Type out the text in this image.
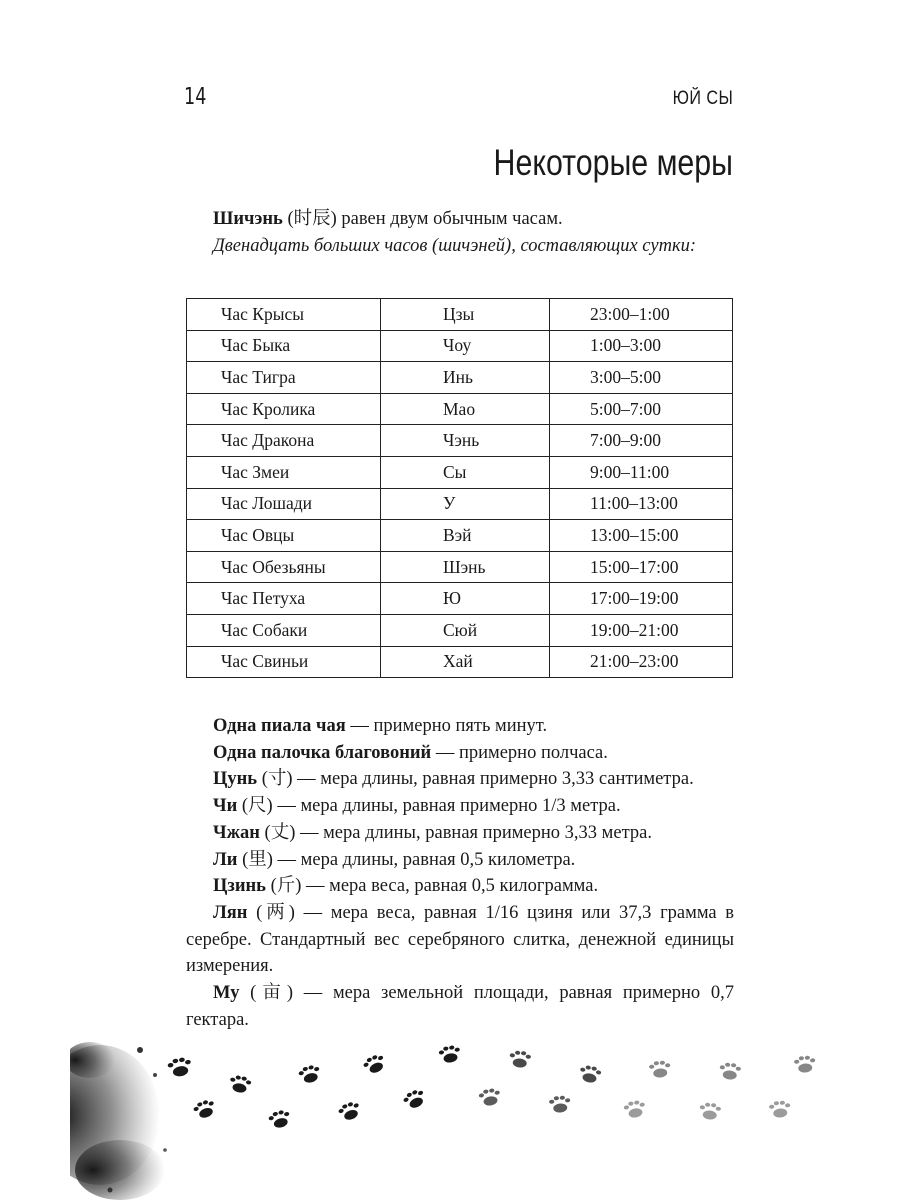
14	ЮЙ СЫ
Некоторые меры

Шичэнь (时辰) равен двум обычным часам.

Двенадцать больших часов (шичэней), составляющих сутки:

Час Крысы	Цзы	23:00–1:00
Час Быка	Чоу	1:00–3:00
Час Тигра	Инь	3:00–5:00
Час Кролика	Мао	5:00–7:00
Час Дракона	Чэнь	7:00–9:00
Час Змеи	Сы	9:00–11:00
Час Лошади	У	11:00–13:00
Час Овцы	Вэй	13:00–15:00
Час Обезьяны	Шэнь	15:00–17:00
Час Петуха	Ю	17:00–19:00
Час Собаки	Сюй	19:00–21:00
Час Свиньи	Хай	21:00–23:00

Одна пиала чая — примерно пять минут.

Одна палочка благовоний — примерно полчаса.

Цунь (寸) — мера длины, равная примерно 3,33 сантиметра.

Чи (尺) — мера длины, равная примерно 1/3 метра.

Чжан (丈) — мера длины, равная примерно 3,33 метра.

Ли (里) — мера длины, равная 0,5 километра.

Цзинь (斤) — мера веса, равная 0,5 килограмма.

Лян (两) — мера веса, равная 1/16 цзиня или 37,3 грамма в серебре. Стандартный вес серебряного слитка, денежной единицы измерения.

Му (亩) — мера земельной площади, равная примерно 0,7 гектара.
